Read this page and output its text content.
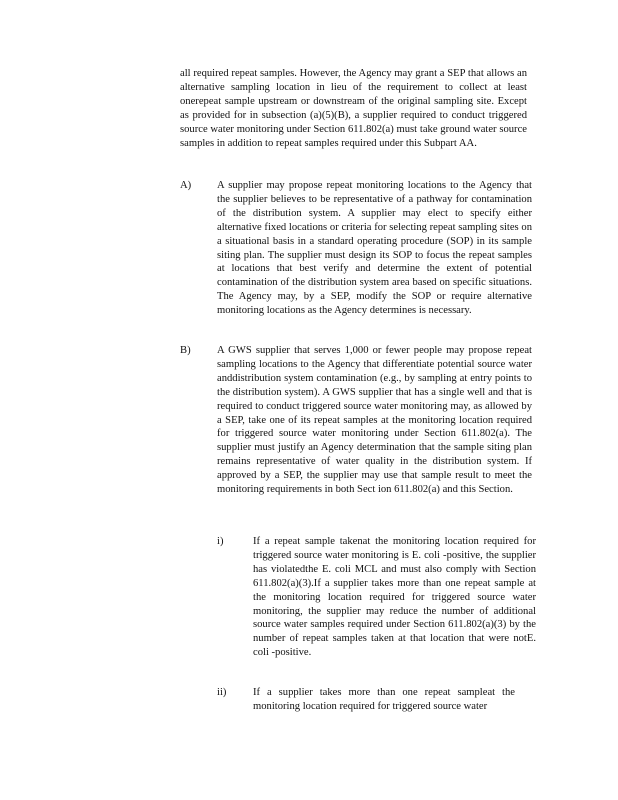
all required repeat samples. However, the Agency may grant a SEP that allows an alternative sampling location in lieu of the requirement to collect at least onerepeat sample upstream or downstream of the original sampling site. Except as provided for in subsection (a)(5)(B), a supplier required to conduct triggered source water monitoring under Section 611.802(a) must take ground water source samples in addition to repeat samples required under this Subpart AA.

A) A supplier may propose repeat monitoring locations to the Agency that the supplier believes to be representative of a pathway for contamination of the distribution system. A supplier may elect to specify either alternative fixed locations or criteria for selecting repeat sampling sites on a situational basis in a standard operating procedure (SOP) in its sample siting plan. The supplier must design its SOP to focus the repeat samples at locations that best verify and determine the extent of potential contamination of the distribution system area based on specific situations. The Agency may, by a SEP, modify the SOP or require alternative monitoring locations as the Agency determines is necessary.

B) A GWS supplier that serves 1,000 or fewer people may propose repeat sampling locations to the Agency that differentiate potential source water anddistribution system contamination (e.g., by sampling at entry points to the distribution system). A GWS supplier that has a single well and that is required to conduct triggered source water monitoring may, as allowed by a SEP, take one of its repeat samples at the monitoring location required for triggered source water monitoring under Section 611.802(a). The supplier must justify an Agency determination that the sample siting plan remains representative of water quality in the distribution system. If approved by a SEP, the supplier may use that sample result to meet the monitoring requirements in both Sect ion 611.802(a) and this Section.

i)	If a repeat sample takenat the monitoring location required for triggered source water monitoring is E. coli -positive, the supplier has violatedthe E. coli MCL and must also comply with Section 611.802(a)(3).If a supplier takes more than one repeat sample at the monitoring location required for triggered source water monitoring, the supplier may reduce the number of additional source water samples required under Section 611.802(a)(3) by the number of repeat samples taken at that location that were notE. coli -positive.

ii)	If a supplier takes more than one repeat sampleat the monitoring location required for triggered source water
